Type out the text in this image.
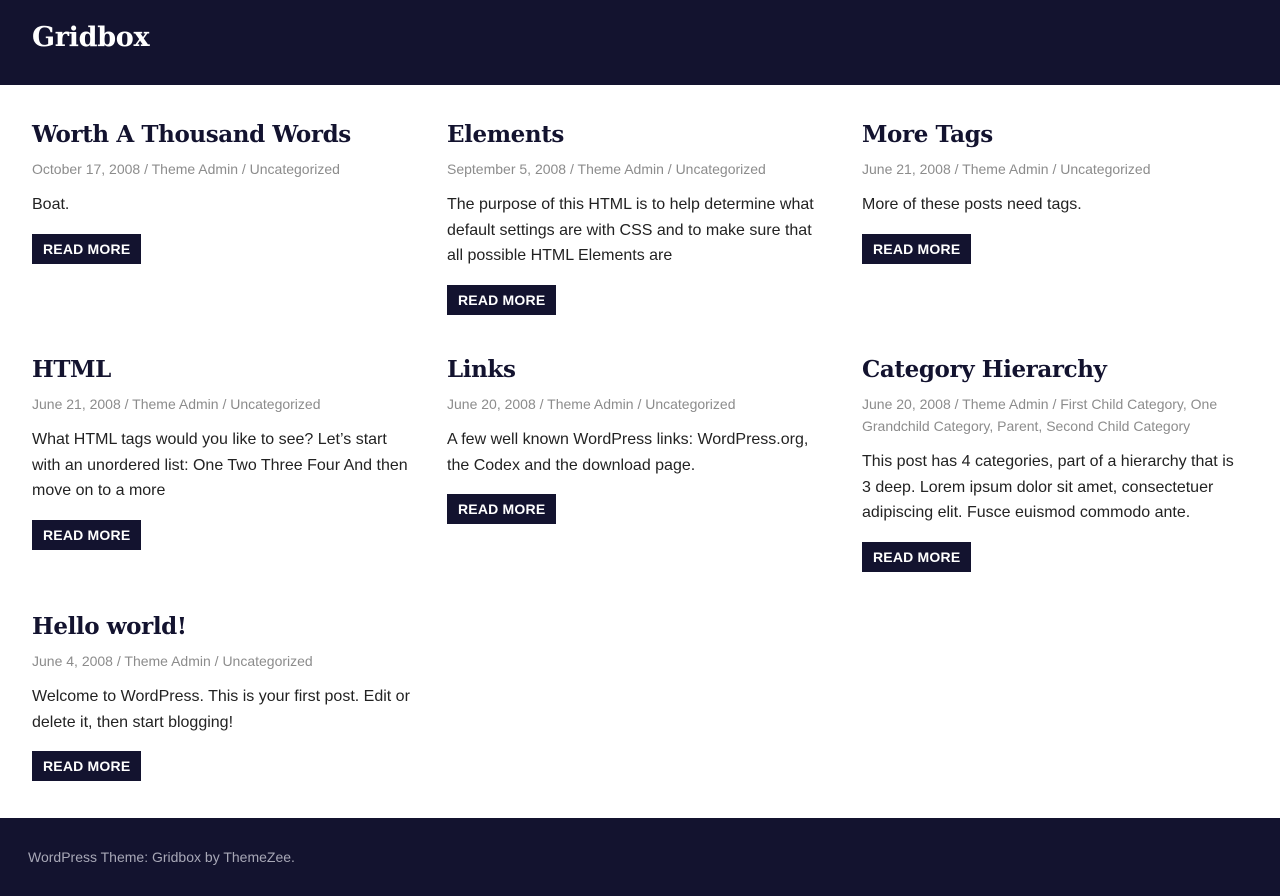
Gridbox
Worth A Thousand Words
October 17, 2008 / Theme Admin / Uncategorized

Boat.

READ MORE
Elements
September 5, 2008 / Theme Admin / Uncategorized

The purpose of this HTML is to help determine what default settings are with CSS and to make sure that all possible HTML Elements are

READ MORE
More Tags
June 21, 2008 / Theme Admin / Uncategorized

More of these posts need tags.

READ MORE
HTML
June 21, 2008 / Theme Admin / Uncategorized

What HTML tags would you like to see? Let’s start with an unordered list: One Two Three Four And then move on to a more

READ MORE
Links
June 20, 2008 / Theme Admin / Uncategorized

A few well known WordPress links: WordPress.org, the Codex and the download page.

READ MORE
Category Hierarchy
June 20, 2008 / Theme Admin / First Child Category, One Grandchild Category, Parent, Second Child Category

This post has 4 categories, part of a hierarchy that is 3 deep. Lorem ipsum dolor sit amet, consectetuer adipiscing elit. Fusce euismod commodo ante.

READ MORE
Hello world!
June 4, 2008 / Theme Admin / Uncategorized

Welcome to WordPress. This is your first post. Edit or delete it, then start blogging!

READ MORE
WordPress Theme: Gridbox by ThemeZee.
